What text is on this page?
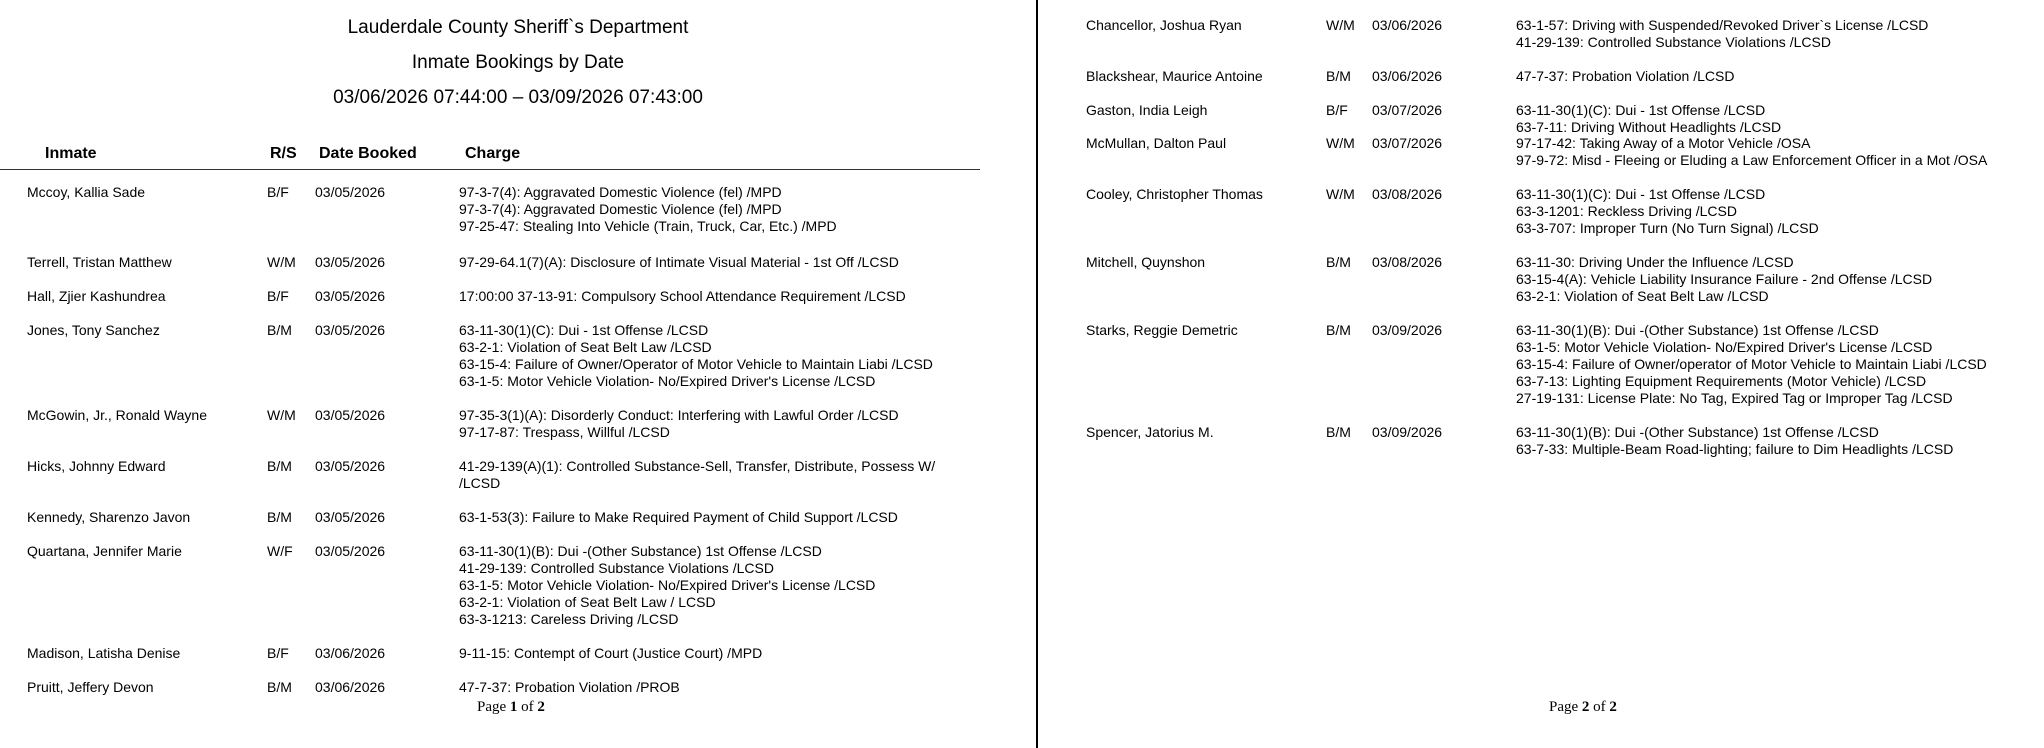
Lauderdale County Sheriff`s Department
Inmate Bookings by Date
03/06/2026 07:44:00 – 03/09/2026 07:43:00
Inmate	R/S Date Booked	Charge
Mccoy, Kallia Sade	B/F 03/05/2026	97-3-7(4): Aggravated Domestic Violence (fel) /MPD
97-3-7(4): Aggravated Domestic Violence (fel) /MPD
97-25-47: Stealing Into Vehicle (Train, Truck, Car, Etc.) /MPD
Terrell, Tristan Matthew	W/M 03/05/2026	97-29-64.1(7)(A): Disclosure of Intimate Visual Material - 1st Off /LCSD
Hall, Zjier Kashundrea	B/F 03/05/2026	17:00:00 37-13-91: Compulsory School Attendance Requirement /LCSD
Jones, Tony Sanchez	B/M 03/05/2026	63-11-30(1)(C): Dui - 1st Offense /LCSD
63-2-1: Violation of Seat Belt Law /LCSD
63-15-4: Failure of Owner/Operator of Motor Vehicle to Maintain Liabi /LCSD
63-1-5: Motor Vehicle Violation- No/Expired Driver's License /LCSD
McGowin, Jr., Ronald Wayne	W/M 03/05/2026	97-35-3(1)(A): Disorderly Conduct: Interfering with Lawful Order /LCSD
97-17-87: Trespass, Willful /LCSD
Hicks, Johnny Edward	B/M 03/05/2026	41-29-139(A)(1): Controlled Substance-Sell, Transfer, Distribute, Possess W/
/LCSD
Kennedy, Sharenzo Javon	B/M 03/05/2026	63-1-53(3): Failure to Make Required Payment of Child Support /LCSD
Quartana, Jennifer Marie	W/F 03/05/2026	63-11-30(1)(B): Dui -(Other Substance) 1st Offense /LCSD
41-29-139: Controlled Substance Violations /LCSD
63-1-5: Motor Vehicle Violation- No/Expired Driver's License /LCSD
63-2-1: Violation of Seat Belt Law / LCSD
63-3-1213: Careless Driving /LCSD
Madison, Latisha Denise	B/F 03/06/2026	9-11-15: Contempt of Court (Justice Court) /MPD
Pruitt, Jeffery Devon	B/M 03/06/2026	47-7-37: Probation Violation /PROB
Page 1 of 2
Chancellor, Joshua Ryan	W/M 03/06/2026	63-1-57: Driving with Suspended/Revoked Driver`s License /LCSD
41-29-139: Controlled Substance Violations /LCSD
Blackshear, Maurice Antoine	B/M 03/06/2026	47-7-37: Probation Violation /LCSD
Gaston, India Leigh	B/F 03/07/2026	63-11-30(1)(C): Dui - 1st Offense /LCSD
63-7-11: Driving Without Headlights /LCSD
McMullan, Dalton Paul	W/M 03/07/2026	97-17-42: Taking Away of a Motor Vehicle /OSA
97-9-72: Misd - Fleeing or Eluding a Law Enforcement Officer in a Mot /OSA
Cooley, Christopher Thomas	W/M 03/08/2026	63-11-30(1)(C): Dui - 1st Offense /LCSD
63-3-1201: Reckless Driving /LCSD
63-3-707: Improper Turn (No Turn Signal) /LCSD
Mitchell, Quynshon	B/M 03/08/2026	63-11-30: Driving Under the Influence /LCSD
63-15-4(A): Vehicle Liability Insurance Failure - 2nd Offense /LCSD
63-2-1: Violation of Seat Belt Law /LCSD
Starks, Reggie Demetric	B/M 03/09/2026	63-11-30(1)(B): Dui -(Other Substance) 1st Offense /LCSD
63-1-5: Motor Vehicle Violation- No/Expired Driver's License /LCSD
63-15-4: Failure of Owner/operator of Motor Vehicle to Maintain Liabi /LCSD
63-7-13: Lighting Equipment Requirements (Motor Vehicle) /LCSD
27-19-131: License Plate: No Tag, Expired Tag or Improper Tag /LCSD
Spencer, Jatorius M.	B/M 03/09/2026	63-11-30(1)(B): Dui -(Other Substance) 1st Offense /LCSD
63-7-33: Multiple-Beam Road-lighting; failure to Dim Headlights /LCSD
Page 2 of 2
